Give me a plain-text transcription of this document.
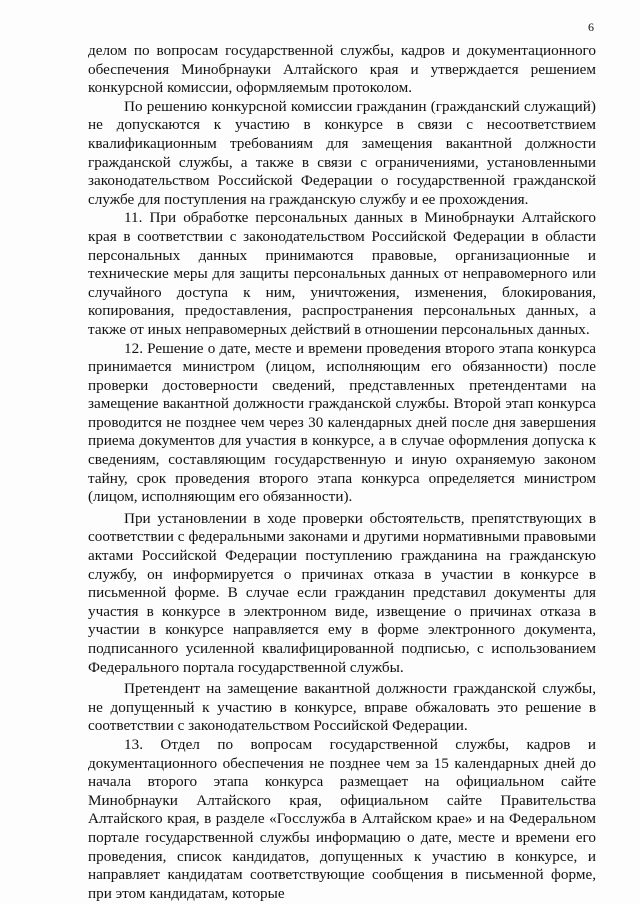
6

делом по вопросам государственной службы, кадров и документационного обеспечения Минобрнауки Алтайского края и утверждается решением конкурсной комиссии, оформляемым протоколом.

По решению конкурсной комиссии гражданин (гражданский служащий) не допускаются к участию в конкурсе в связи с несоответствием квалификационным требованиям для замещения вакантной должности гражданской службы, а также в связи с ограничениями, установленными законодательством Российской Федерации о государственной гражданской службе для поступления на гражданскую службу и ее прохождения.

11. При обработке персональных данных в Минобрнауки Алтайского края в соответствии с законодательством Российской Федерации в области персональных данных принимаются правовые, организационные и технические меры для защиты персональных данных от неправомерного или случайного доступа к ним, уничтожения, изменения, блокирования, копирования, предоставления, распространения персональных данных, а также от иных неправомерных действий в отношении персональных данных.

12. Решение о дате, месте и времени проведения второго этапа конкурса принимается министром (лицом, исполняющим его обязанности) после проверки достоверности сведений, представленных претендентами на замещение вакантной должности гражданской службы. Второй этап конкурса проводится не позднее чем через 30 календарных дней после дня завершения приема документов для участия в конкурсе, а в случае оформления допуска к сведениям, составляющим государственную и иную охраняемую законом тайну, срок проведения второго этапа конкурса определяется министром (лицом, исполняющим его обязанности).

При установлении в ходе проверки обстоятельств, препятствующих в соответствии с федеральными законами и другими нормативными правовыми актами Российской Федерации поступлению гражданина на гражданскую службу, он информируется о причинах отказа в участии в конкурсе в письменной форме. В случае если гражданин представил документы для участия в конкурсе в электронном виде, извещение о причинах отказа в участии в конкурсе направляется ему в форме электронного документа, подписанного усиленной квалифицированной подписью, с использованием Федерального портала государственной службы.

Претендент на замещение вакантной должности гражданской службы, не допущенный к участию в конкурсе, вправе обжаловать это решение в соответствии с законодательством Российской Федерации.

13. Отдел по вопросам государственной службы, кадров и документационного обеспечения не позднее чем за 15 календарных дней до начала второго этапа конкурса размещает на официальном сайте Минобрнауки Алтайского края, официальном сайте Правительства Алтайского края, в разделе «Госслужба в Алтайском крае» и на Федеральном портале государственной службы информацию о дате, месте и времени его проведения, список кандидатов, допущенных к участию в конкурсе, и направляет кандидатам соответствующие сообщения в письменной форме, при этом кандидатам, которые
